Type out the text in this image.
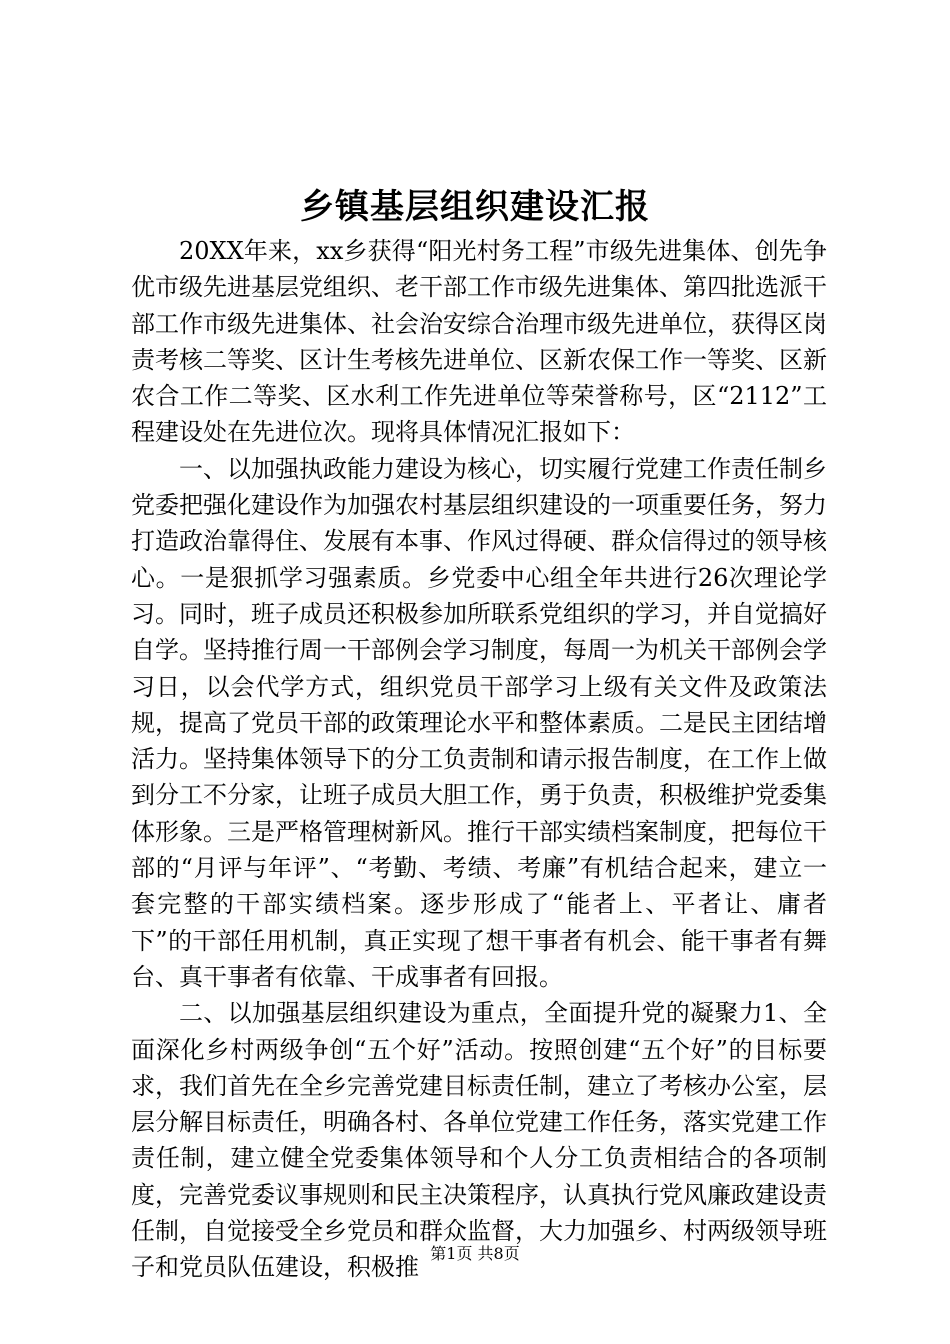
乡镇基层组织建设汇报

20XX年来，xx乡获得“阳光村务工程”市级先进集体、创先争优市级先进基层党组织、老干部工作市级先进集体、第四批选派干部工作市级先进集体、社会治安综合治理市级先进单位，获得区岗责考核二等奖、区计生考核先进单位、区新农保工作一等奖、区新农合工作二等奖、区水利工作先进单位等荣誉称号，区“2112”工程建设处在先进位次。现将具体情况汇报如下：

一、以加强执政能力建设为核心，切实履行党建工作责任制乡党委把强化建设作为加强农村基层组织建设的一项重要任务，努力打造政治靠得住、发展有本事、作风过得硬、群众信得过的领导核心。一是狠抓学习强素质。乡党委中心组全年共进行26次理论学习。同时，班子成员还积极参加所联系党组织的学习，并自觉搞好自学。坚持推行周一干部例会学习制度，每周一为机关干部例会学习日，以会代学方式，组织党员干部学习上级有关文件及政策法规，提高了党员干部的政策理论水平和整体素质。二是民主团结增活力。坚持集体领导下的分工负责制和请示报告制度，在工作上做到分工不分家，让班子成员大胆工作，勇于负责，积极维护党委集体形象。三是严格管理树新风。推行干部实绩档案制度，把每位干部的“月评与年评”、“考勤、考绩、考廉”有机结合起来，建立一套完整的干部实绩档案。逐步形成了“能者上、平者让、庸者下”的干部任用机制，真正实现了想干事者有机会、能干事者有舞台、真干事者有依靠、干成事者有回报。

二、以加强基层组织建设为重点，全面提升党的凝聚力1、全面深化乡村两级争创“五个好”活动。按照创建“五个好”的目标要求，我们首先在全乡完善党建目标责任制，建立了考核办公室，层层分解目标责任，明确各村、各单位党建工作任务，落实党建工作责任制，建立健全党委集体领导和个人分工负责相结合的各项制度，完善党委议事规则和民主决策程序，认真执行党风廉政建设责任制，自觉接受全乡党员和群众监督，大力加强乡、村两级领导班子和党员队伍建设，积极推 第1页 共8页
